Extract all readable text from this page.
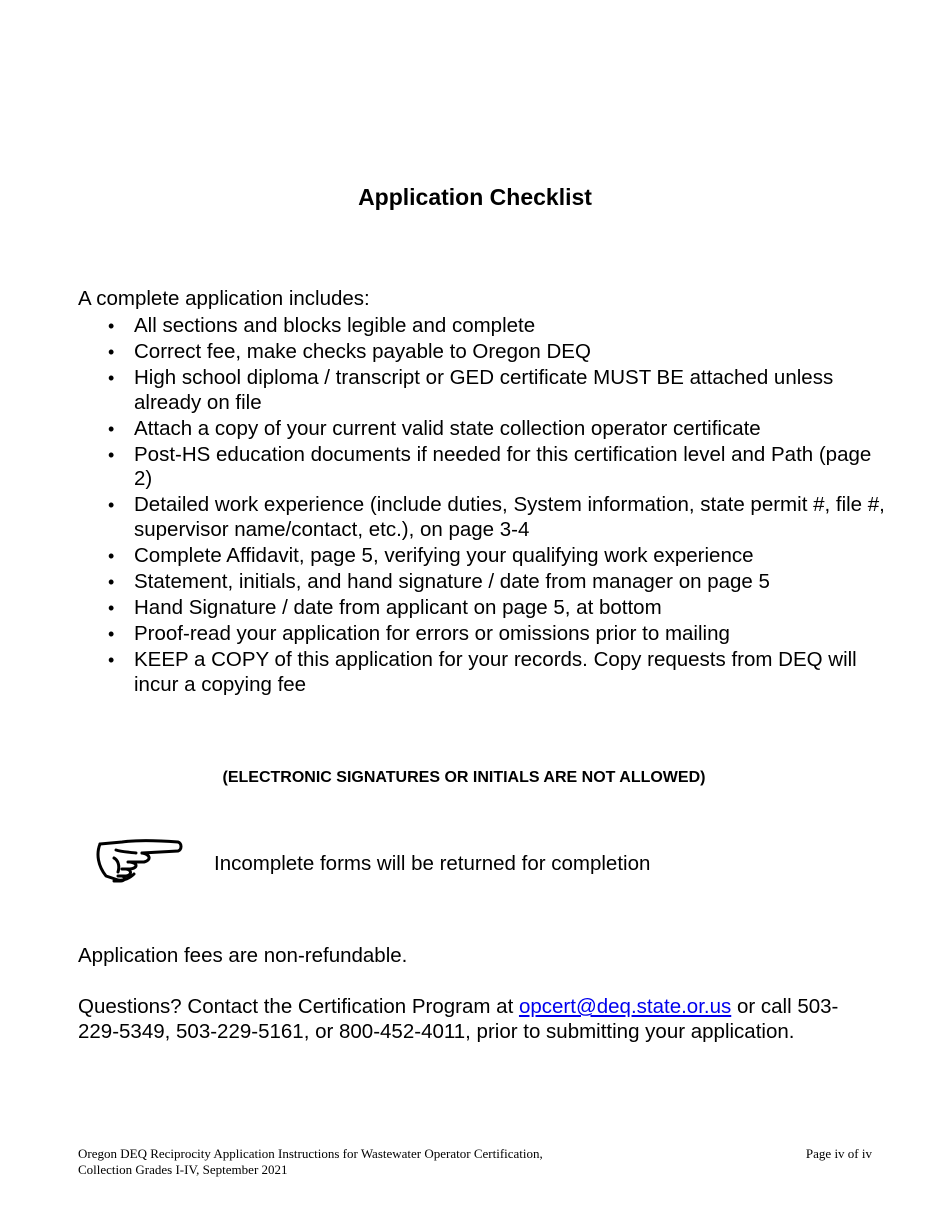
Application Checklist
A complete application includes:
• All sections and blocks legible and complete
• Correct fee, make checks payable to Oregon DEQ
• High school diploma / transcript or GED certificate MUST BE attached unless already on file
• Attach a copy of your current valid state collection operator certificate
• Post-HS education documents if needed for this certification level and Path (page 2)
• Detailed work experience (include duties, System information, state permit #, file #, supervisor name/contact, etc.), on page 3-4
• Complete Affidavit, page 5, verifying your qualifying work experience
• Statement, initials, and hand signature / date from manager on page 5
• Hand Signature / date from applicant on page 5, at bottom
• Proof-read your application for errors or omissions prior to mailing
• KEEP a COPY of this application for your records. Copy requests from DEQ will incur a copying fee
(ELECTRONIC SIGNATURES OR INITIALS ARE NOT ALLOWED)
Incomplete forms will be returned for completion
Application fees are non-refundable.
Questions? Contact the Certification Program at opcert@deq.state.or.us or call 503-229-5349, 503-229-5161, or 800-452-4011, prior to submitting your application.
Oregon DEQ Reciprocity Application Instructions for Wastewater Operator Certification,
Collection Grades I-IV, September 2021
Page iv of iv
